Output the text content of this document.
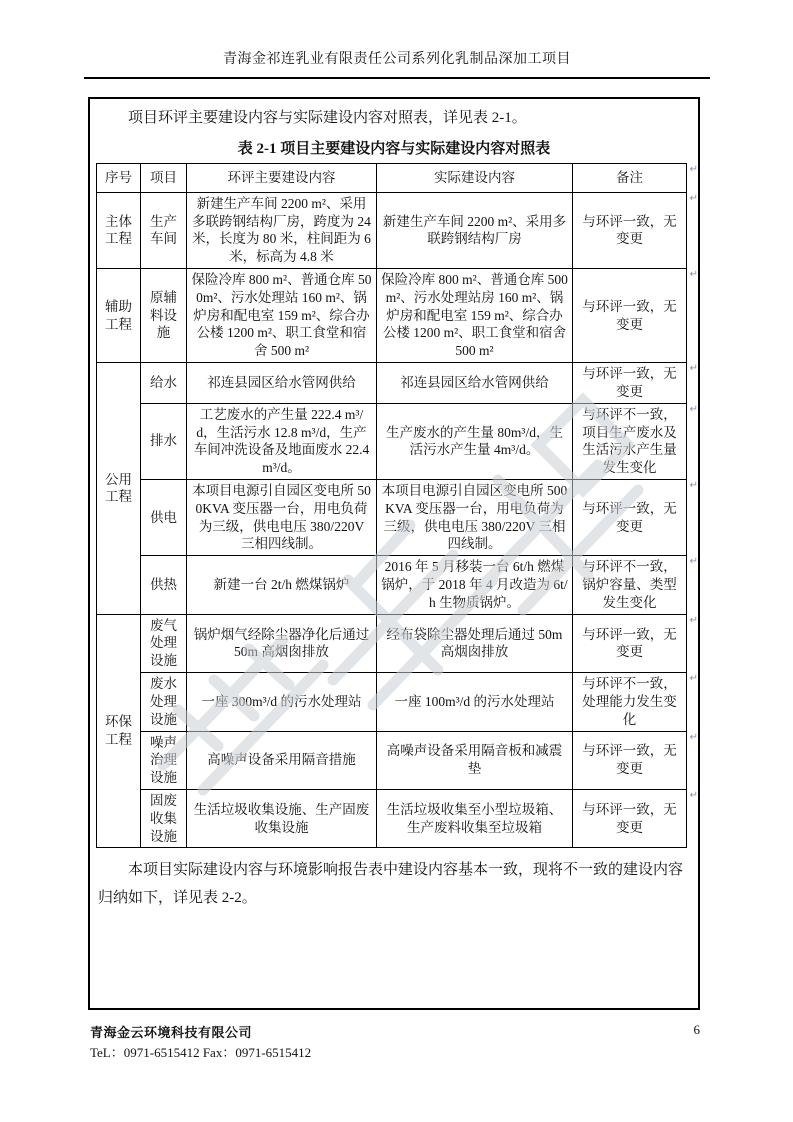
青海金祁连乳业有限责任公司系列化乳制品深加工项目

项目环评主要建设内容与实际建设内容对照表，详见表 2-1。

表 2-1 项目主要建设内容与实际建设内容对照表

序号	项目	环评主要建设内容	实际建设内容	备注
↵

主体工程	生产车间	新建生产车间 2200 m²、采用多联跨钢结构厂房，跨度为 24 米，长度为 80 米，柱间距为 6 米，标高为 4.8 米	新建生产车间 2200 m²、采用多联跨钢结构厂房	与环评一致，无变更
↵

辅助工程	原辅料设施	保险冷库 800 m²、普通仓库 500m²、污水处理站 160 m²、锅炉房和配电室 159 m²、综合办公楼 1200 m²、职工食堂和宿舍 500 m²	保险冷库 800 m²、普通仓库 500m²、污水处理站房 160 m²、锅炉房和配电室 159 m²、综合办公楼 1200 m²、职工食堂和宿舍 500 m²	与环评一致，无变更
↵

公用工程	给水	祁连县园区给水管网供给	祁连县园区给水管网供给	与环评一致，无变更
↵

	排水	工艺废水的产生量 222.4 m³/d，生活污水 12.8 m³/d，生产车间冲洗设备及地面废水 22.4 m³/d。	生产废水的产生量 80m³/d，生活污水产生量 4m³/d。	与环评不一致，项目生产废水及生活污水产生量发生变化
↵

	供电	本项目电源引自园区变电所 500KVA 变压器一台，用电负荷为三级，供电电压 380/220V 三相四线制。	本项目电源引自园区变电所 500KVA 变压器一台，用电负荷为三级，供电电压 380/220V 三相四线制。	与环评一致，无变更
↵

	供热	新建一台 2t/h 燃煤锅炉	2016 年 5 月移装一台 6t/h 燃煤锅炉，于 2018 年 4 月改造为 6t/h 生物质锅炉。	与环评不一致，锅炉容量、类型发生变化
↵

环保工程	废气处理设施	锅炉烟气经除尘器净化后通过 50m 高烟囱排放	经布袋除尘器处理后通过 50m 高烟囱排放	与环评一致，无变更
↵

	废水处理设施	一座 300m³/d 的污水处理站	一座 100m³/d 的污水处理站	与环评不一致，处理能力发生变化
↵

	噪声治理设施	高噪声设备采用隔音措施	高噪声设备采用隔音板和减震垫	与环评一致，无变更
↵

	固废收集设施	生活垃圾收集设施、生产固废收集设施	生活垃圾收集至小型垃圾箱、生产废料收集至垃圾箱	与环评一致，无变更
↵

本项目实际建设内容与环境影响报告表中建设内容基本一致，现将不一致的建设内容归纳如下，详见表 2-2。

青海金云环境科技有限公司
TeL：0971-6515412 Fax：0971-6515412
6
